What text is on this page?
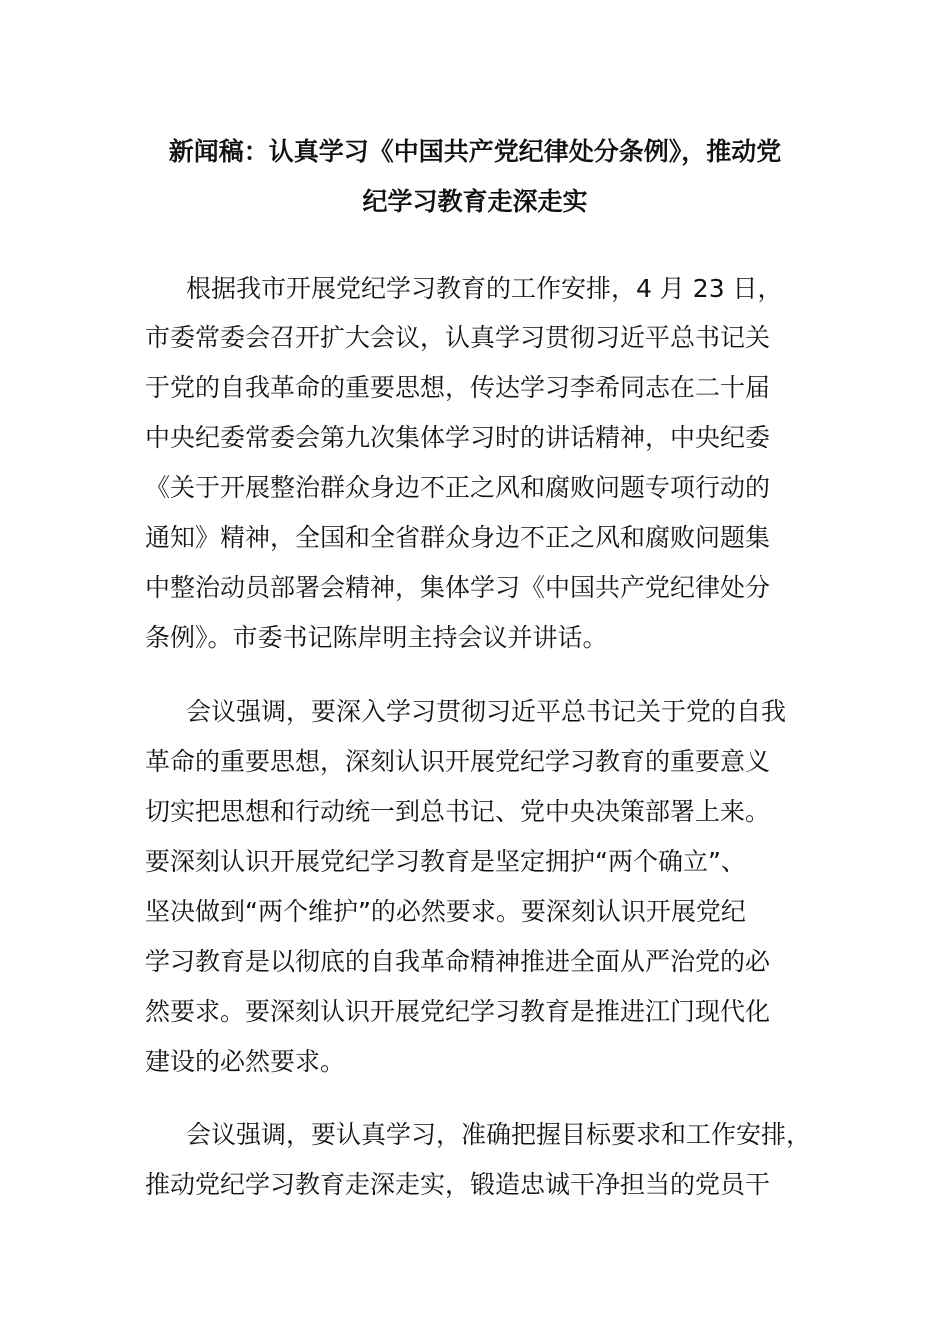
新闻稿：认真学习《中国共产党纪律处分条例》，推动党
纪学习教育走深走实
根据我市开展党纪学习教育的工作安排，4 月 23 日，
市委常委会召开扩大会议，认真学习贯彻习近平总书记关
于党的自我革命的重要思想，传达学习李希同志在二十届
中央纪委常委会第九次集体学习时的讲话精神，中央纪委
《关于开展整治群众身边不正之风和腐败问题专项行动的
通知》精神，全国和全省群众身边不正之风和腐败问题集
中整治动员部署会精神，集体学习《中国共产党纪律处分
条例》。市委书记陈岸明主持会议并讲话。
会议强调，要深入学习贯彻习近平总书记关于党的自我
革命的重要思想，深刻认识开展党纪学习教育的重要意义
切实把思想和行动统一到总书记、党中央决策部署上来。
要深刻认识开展党纪学习教育是坚定拥护“两个确立”、
坚决做到“两个维护”的必然要求。要深刻认识开展党纪
学习教育是以彻底的自我革命精神推进全面从严治党的必
然要求。要深刻认识开展党纪学习教育是推进江门现代化
建设的必然要求。
会议强调，要认真学习，准确把握目标要求和工作安排，
推动党纪学习教育走深走实，锻造忠诚干净担当的党员干
